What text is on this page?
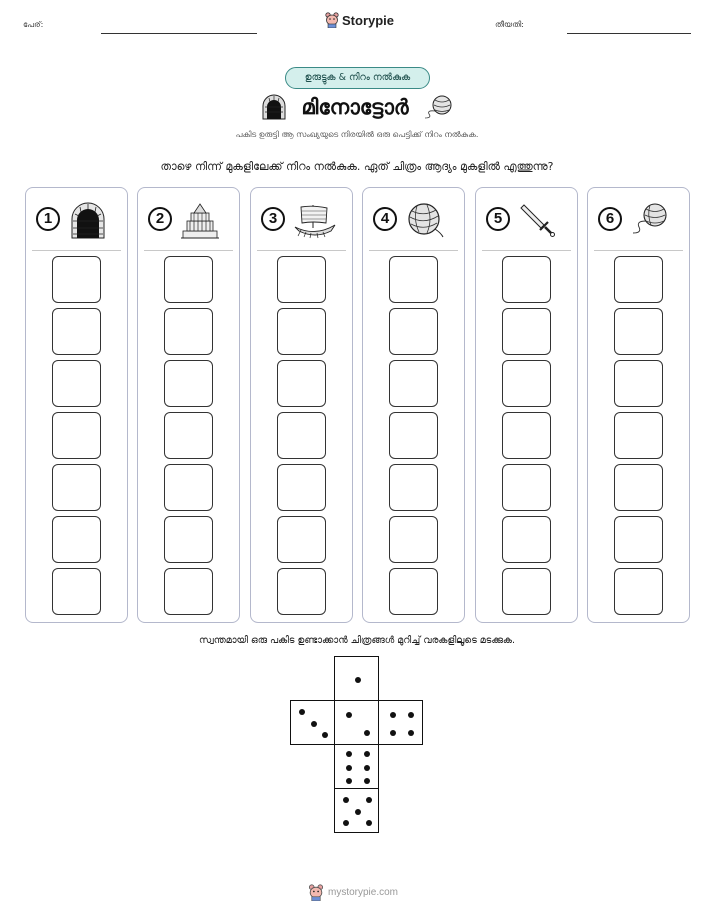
പേര്:	Storypie	തീയതി:
ഉരുട്ടുക & നിറം നൽകുക
മിനോട്ടോർ
പകിട ഉരുട്ടി ആ സംഖ്യയുടെ നിരയിൽ ഒരു പെട്ടിക്ക് നിറം നൽകുക.
താഴെ നിന്ന് മുകളിലേക്ക് നിറം നൽകുക. ഏത് ചിത്രം ആദ്യം മുകളിൽ എത്തുന്നു?
1	2	3	4	5	6
സ്വന്തമായി ഒരു പകിട ഉണ്ടാക്കാൻ ചിത്രങ്ങൾ മുറിച്ച് വരകളിലൂടെ മടക്കുക.
mystorypie.com
